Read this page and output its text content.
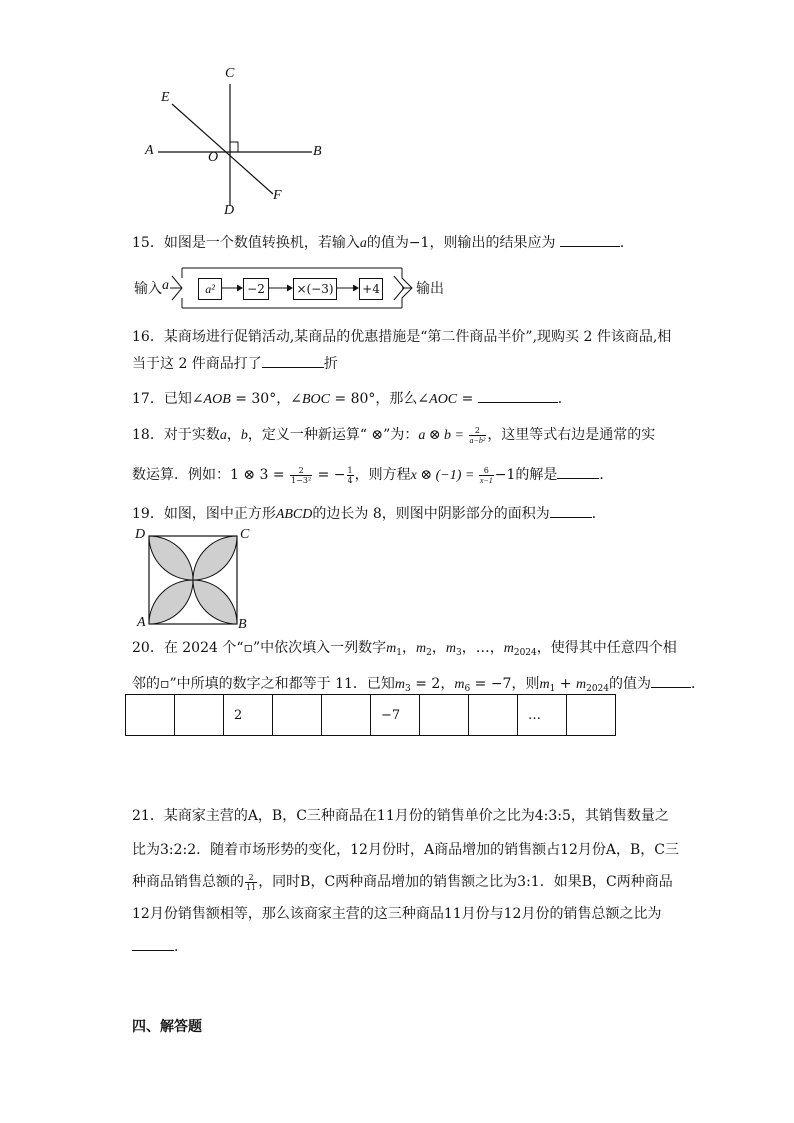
C
E
A	O	B
F
D
15．如图是一个数值转换机，若输入a的值为−1，则输出的结果应为	．
输入 a	a²	−2	×(−3) +4	输出
16．某商场进行促销活动,某商品的优惠措施是“第二件商品半价”,现购买 2 件该商品,相
当于这 2 件商品打了	折
17．已知∠AOB = 30°，∠BOC = 80°，那么∠AOC =	．
18．对于实数a，b，定义一种新运算“ ⊗”为：a ⊗ $b = \frac{2}{\text{a−b²}}$ ，这里等式右边是通常的实
数运算．例如：1 ⊗ $3 = \frac{2}{\text{1−3²}}$ = − $\frac{1}{4}$ ，则方程x ⊗ $(-1) = \frac{6}{x-1} -1$的解是	．
19．如图，图中正方形ABCD的边长为 8，则图中阴影部分的面积为	．
D	C
A	B
20．在 2024 个“▫”中依次填入一列数字$m_1$，$m_2$，$m_3$，…，$m_{2024}$，使得其中任意四个相
邻的▫”中所填的数字之和都等于 11．已知$m_3 = 2$，$m_6 = -7$，则$m_1 + m_{2024}$的值为	．
		2			−7			…	
21．某商家主营的A，B，C三种商品在11月份的销售单价之比为4:3:5，其销售数量之
比为3:2:2．随着市场形势的变化，12月份时，A商品增加的销售额占12月份A，B，C三
种商品销售总额的 $\frac{2}{11}$ ，同时B，C两种商品增加的销售额之比为3:1．如果B，C两种商品
12月份销售额相等，那么该商家主营的这三种商品11月份与12月份的销售总额之比为
．
四、解答题
